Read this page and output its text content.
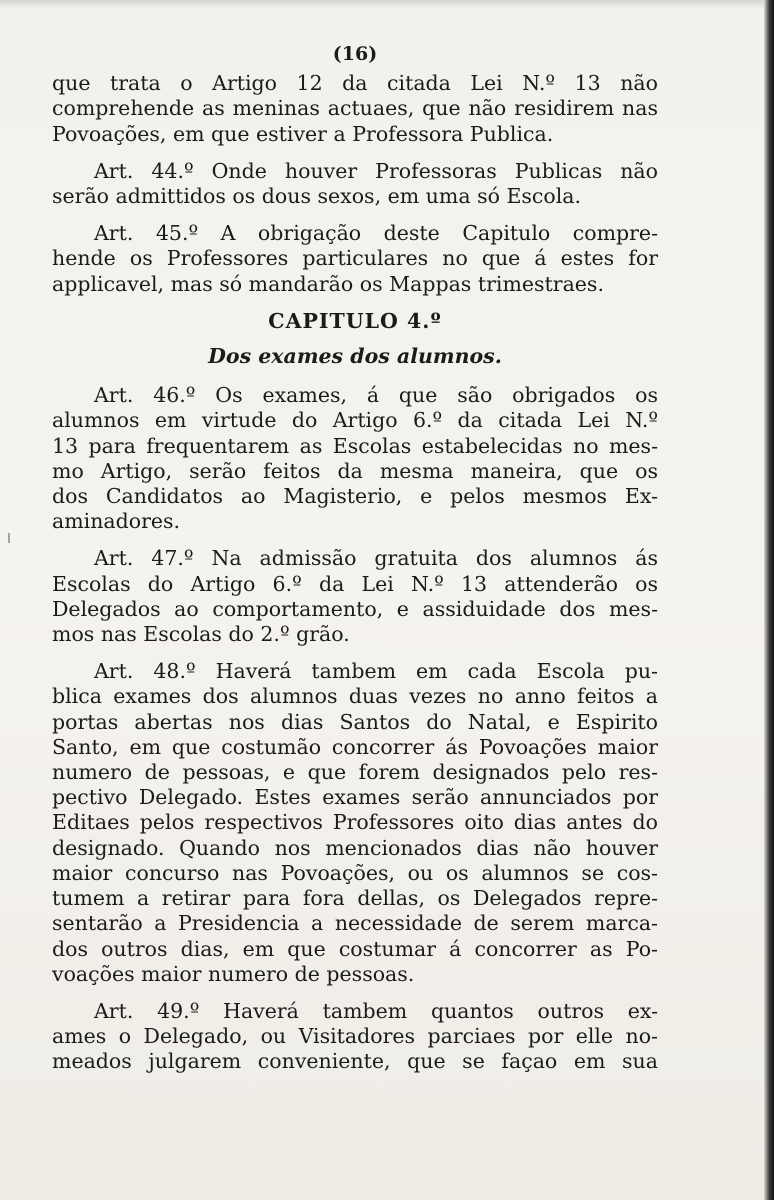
(16)
que trata o Artigo 12 da citada Lei N.º 13 não
comprehende as meninas actuaes, que não residirem nas
Povoações, em que estiver a Professora Publica.
Art. 44.º Onde houver Professoras Publicas não
serão admittidos os dous sexos, em uma só Escola.
Art. 45.º A obrigação deste Capitulo compre-
hende os Professores particulares no que á estes for
applicavel, mas só mandarão os Mappas trimestraes.
CAPITULO 4.º
Dos exames dos alumnos.
Art. 46.º Os exames, á que são obrigados os
alumnos em virtude do Artigo 6.º da citada Lei N.º
13 para frequentarem as Escolas estabelecidas no mes-
mo Artigo, serão feitos da mesma maneira, que os
dos Candidatos ao Magisterio, e pelos mesmos Ex-
aminadores.
Art. 47.º Na admissão gratuita dos alumnos ás
Escolas do Artigo 6.º da Lei N.º 13 attenderão os
Delegados ao comportamento, e assiduidade dos mes-
mos nas Escolas do 2.º grão.
Art. 48.º Haverá tambem em cada Escola pu-
blica exames dos alumnos duas vezes no anno feitos a
portas abertas nos dias Santos do Natal, e Espirito
Santo, em que costumão concorrer ás Povoações maior
numero de pessoas, e que forem designados pelo res-
pectivo Delegado. Estes exames serão annunciados por
Editaes pelos respectivos Professores oito dias antes do
designado. Quando nos mencionados dias não houver
maior concurso nas Povoações, ou os alumnos se cos-
tumem a retirar para fora dellas, os Delegados repre-
sentarão a Presidencia a necessidade de serem marca-
dos outros dias, em que costumar á concorrer as Po-
voações maior numero de pessoas.
Art. 49.º Haverá tambem quantos outros ex-
ames o Delegado, ou Visitadores parciaes por elle no-
meados julgarem conveniente, que se façao em sua
